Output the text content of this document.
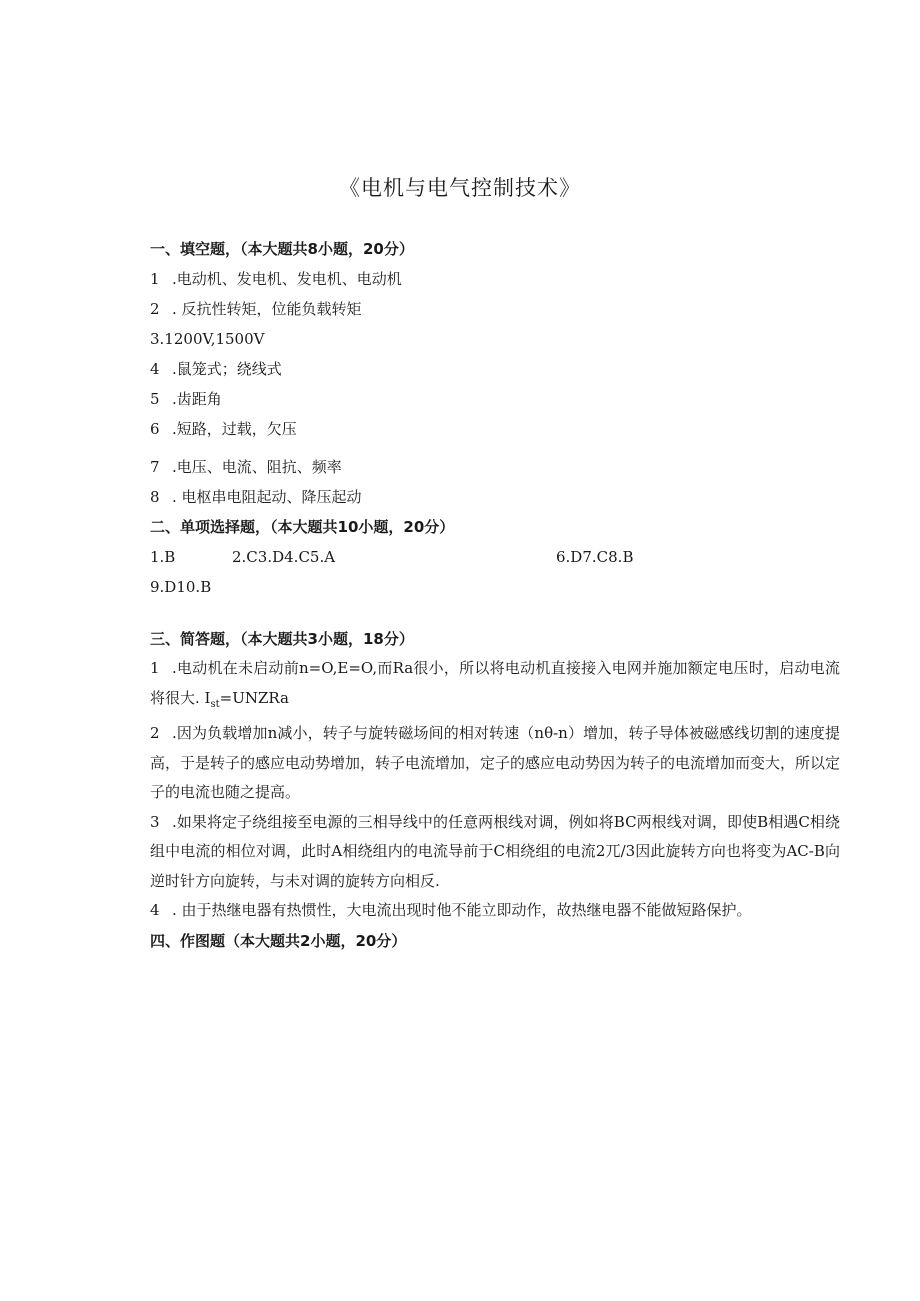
《电机与电气控制技术》
一、填空题，（本大题共8小题，20分）
1 .电动机、发电机、发电机、电动机
2 . 反抗性转矩，位能负载转矩
3.1200V,1500V
4 .鼠笼式；绕线式
5 .齿距角
6 .短路，过载，欠压
7 .电压、电流、阻抗、频率
8 . 电枢串电阻起动、降压起动
二、单项选择题，（本大题共10小题，20分）
1.B	2.C3.D4.C5.A	6.D7.C8.B
9.D10.B
三、简答题，（本大题共3小题，18分）

1 .电动机在未启动前n=O,E=O,而Ra很小，所以将电动机直接接入电网并施加额定电压时，启动电流将很大. $I_{st}=UNZRa$

2 .因为负载增加n减小，转子与旋转磁场间的相对转速（nθ-n）增加，转子导体被磁感线切割的速度提高，于是转子的感应电动势增加，转子电流增加，定子的感应电动势因为转子的电流增加而变大，所以定子的电流也随之提高。

3 .如果将定子绕组接至电源的三相导线中的任意两根线对调，例如将BC两根线对调，即使B相遇C相绕组中电流的相位对调，此时A相绕组内的电流导前于C相绕组的电流2兀/3因此旋转方向也将变为AC-B向逆时针方向旋转，与未对调的旋转方向相反.

4 . 由于热继电器有热惯性，大电流出现时他不能立即动作，故热继电器不能做短路保护。

四、作图题（本大题共2小题，20分）
